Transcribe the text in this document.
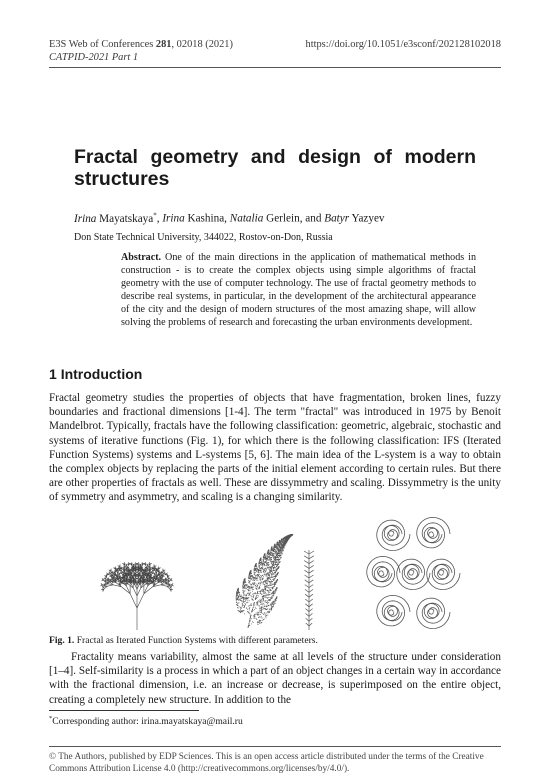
E3S Web of Conferences 281, 02018 (2021)	https://doi.org/10.1051/e3sconf/202128102018
CATPID-2021 Part 1
Fractal geometry and design of modern structures
Irina Mayatskaya*, Irina Kashina, Natalia Gerlein, and Batyr Yazyev
Don State Technical University, 344022, Rostov-on-Don, Russia
Abstract. One of the main directions in the application of mathematical methods in construction - is to create the complex objects using simple algorithms of fractal geometry with the use of computer technology. The use of fractal geometry methods to describe real systems, in particular, in the development of the architectural appearance of the city and the design of modern structures of the most amazing shape, will allow solving the problems of research and forecasting the urban environments development.
1 Introduction

Fractal geometry studies the properties of objects that have fragmentation, broken lines, fuzzy boundaries and fractional dimensions [1-4]. The term "fractal" was introduced in 1975 by Benoit Mandelbrot. Typically, fractals have the following classification: geometric, algebraic, stochastic and systems of iterative functions (Fig. 1), for which there is the following classification: IFS (Iterated Function Systems) systems and L-systems [5, 6]. The main idea of the L-system is a way to obtain the complex objects by replacing the parts of the initial element according to certain rules. But there are other properties of fractals as well. These are dissymmetry and scaling. Dissymmetry is the unity of symmetry and asymmetry, and scaling is a changing similarity.

Fig. 1. Fractal as Iterated Function Systems with different parameters.

Fractality means variability, almost the same at all levels of the structure under consideration [1–4]. Self-similarity is a process in which a part of an object changes in a certain way in accordance with the fractional dimension, i.e. an increase or decrease, is superimposed on the entire object, creating a completely new structure. In addition to the

*Corresponding author: irina.mayatskaya@mail.ru
© The Authors, published by EDP Sciences. This is an open access article distributed under the terms of the Creative Commons Attribution License 4.0 (http://creativecommons.org/licenses/by/4.0/).
